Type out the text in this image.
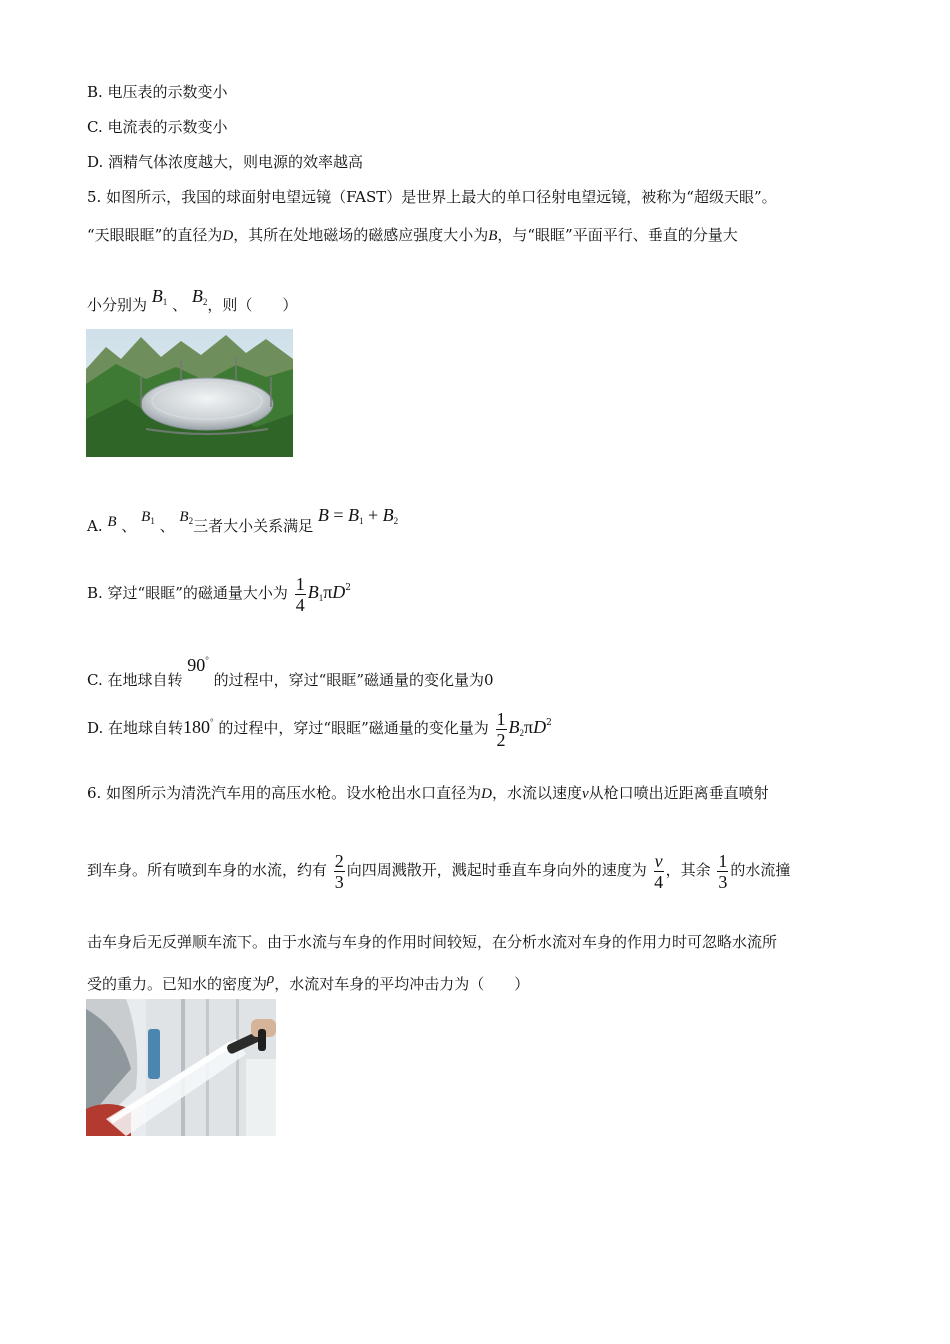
B. 电压表的示数变小
C. 电流表的示数变小
D. 酒精气体浓度越大，则电源的效率越高
5. 如图所示，我国的球面射电望远镜（FAST）是世界上最大的单口径射电望远镜，被称为“超级天眼”。
“天眼眼眶”的直径为D，其所在处地磁场的磁感应强度大小为B，与“眼眶”平面平行、垂直的分量大
小分别为 $B_1$ 、 $B_2$，则（　　）
A. B 、 $B_1$ 、 $B_2$三者大小关系满足 $B = B_1 + B_2$
B. 穿过“眼眶”的磁通量大小为 $\frac{1}{4} B_1\pi D^2$
C. 在地球自转 90° 的过程中，穿过“眼眶”磁通量的变化量为0
D. 在地球自转180° 的过程中，穿过“眼眶”磁通量的变化量为 $\frac{1}{2} B_2\pi D^2$
6. 如图所示为清洗汽车用的高压水枪。设水枪出水口直径为D，水流以速度v从枪口喷出近距离垂直喷射
到车身。所有喷到车身的水流，约有 $\frac{2}{3}$ 向四周溅散开，溅起时垂直车身向外的速度为 $\frac{v}{4}$ ，其余 $\frac{1}{3}$ 的水流撞
击车身后无反弹顺车流下。由于水流与车身的作用时间较短，在分析水流对车身的作用力时可忽略水流所
受的重力。已知水的密度为ρ，水流对车身的平均冲击力为（　　）
